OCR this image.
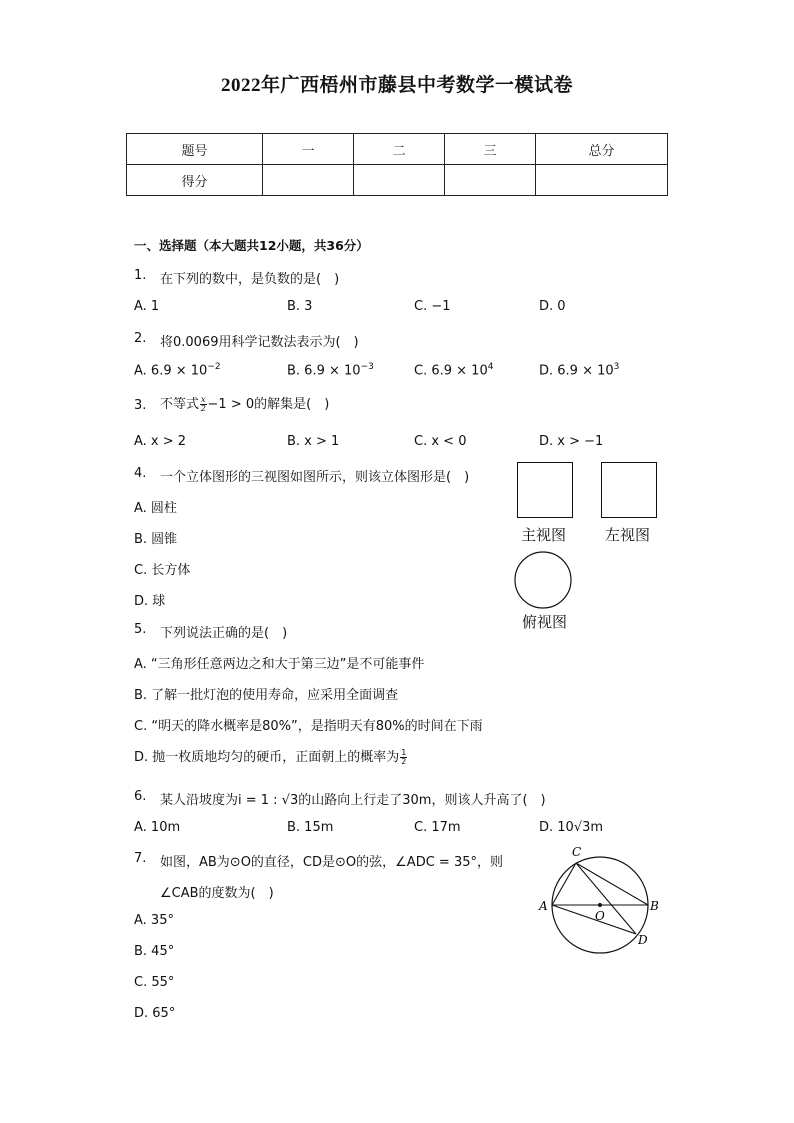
2022年广西梧州市藤县中考数学一模试卷
题号	一	二	三	总分
得分				
一、选择题（本大题共12小题，共36分）
1. 在下列的数中，是负数的是(　)
A. 1	B. 3	C. −1	D. 0
2. 将0.0069用科学记数法表示为(　)
A. $6.9 \times 10^{-2}$	B. $6.9 \times 10^{-3}$	C. $6.9 \times 10^4$	D. $6.9 \times 10^3$
3. 不等式 $\frac{x}{2} -1 > 0$的解集是(　)
A. x > 2	B. x > 1	C. x < 0	D. x > −1
4. 一个立体图形的三视图如图所示，则该立体图形是(　)
A. 圆柱
B. 圆锥
C. 长方体
D. 球
主视图	左视图
俯视图
5. 下列说法正确的是(　)
A. “三角形任意两边之和大于第三边”是不可能事件
B. 了解一批灯泡的使用寿命，应采用全面调查
C. “明天的降水概率是80%”，是指明天有80%的时间在下雨
D. 抛一枚质地均匀的硬币，正面朝上的概率为 $\frac{1}{2}$
6. 某人沿坡度为i = 1 : √3的山路向上行走了30m，则该人升高了(　)
A. 10m	B. 15m	C. 17m	D. 10√3m
7. 如图，AB为⊙O的直径，CD是⊙O的弦，∠ADC = 35°，则
∠CAB的度数为(　)
A. 35°
B. 45°
C. 55°
D. 65°
A	B
C
D
O
